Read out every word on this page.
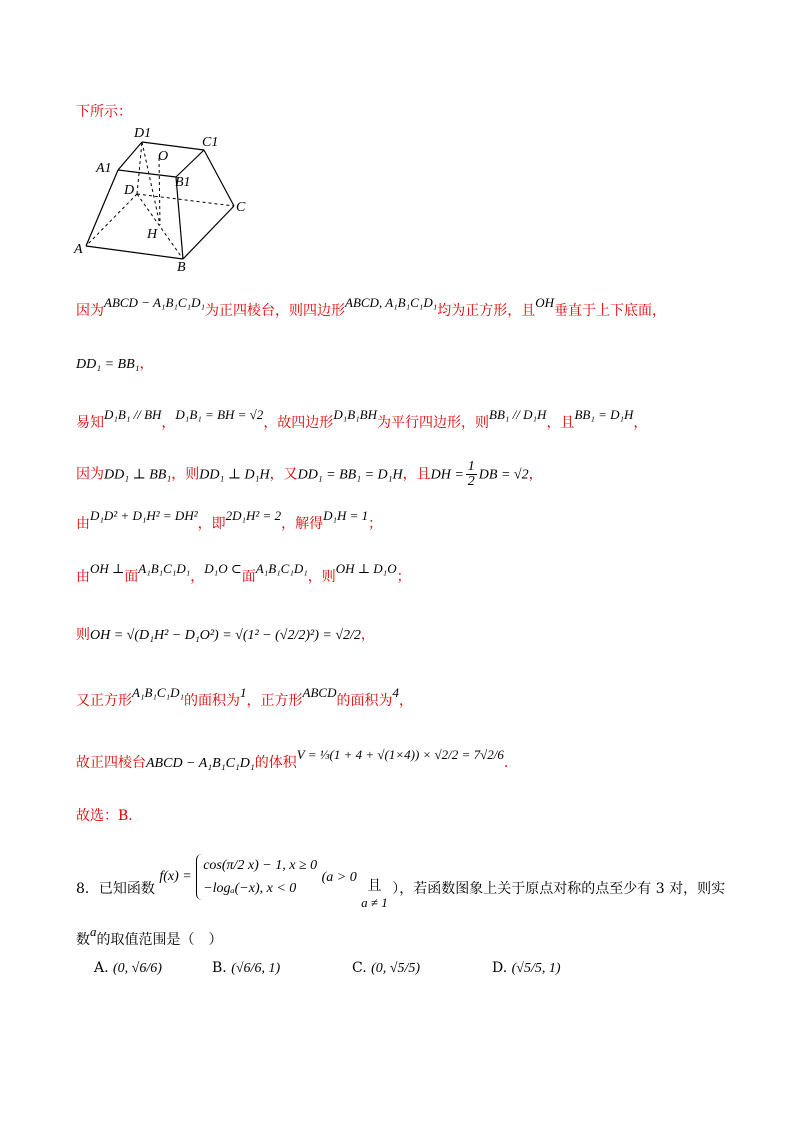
下所示：
D1
C1
O
A1
B1
D
C
H
A
B
因为ABCD − A₁B₁C₁D₁为正四棱台，则四边形ABCD, A₁B₁C₁D₁均为正方形，且OH垂直于上下底面，
DD₁ = BB₁，
易知D₁B₁ // BH，D₁B₁ = BH = √2，故四边形D₁B₁BH为平行四边形，则BB₁ // D₁H，且BB₁ = D₁H，
因为DD₁ ⊥ BB₁，则DD₁ ⊥ D₁H，又DD₁ = BB₁ = D₁H，且DH = $\frac{1}{2}$ DB = √2，
由D₁D² + D₁H² = DH²，即2D₁H² = 2，解得D₁H = 1；
由OH ⊥面A₁B₁C₁D₁，D₁O ⊂面A₁B₁C₁D₁，则OH ⊥ D₁O；
则OH = √(D₁H² − D₁O²) = √(1² − (√2/2)²) = √2/2，
又正方形A₁B₁C₁D₁的面积为1，正方形ABCD的面积为4，
故正四棱台ABCD − A₁B₁C₁D₁的体积V = ⅓(1 + 4 + √(1×4)) × √2/2 = 7√2/6.
故选：B.
8．已知函数 f(x) =
cos(π/2 x) − 1, x ≥ 0
−logₐ(−x), x < 0
(a > 0
且
a ≠ 1
），若函数图象上关于原点对称的点至少有 3 对，则实
数a的取值范围是（　）
A. (0, √6/6)	B. (√6/6, 1)	C. (0, √5/5)	D. (√5/5, 1)
